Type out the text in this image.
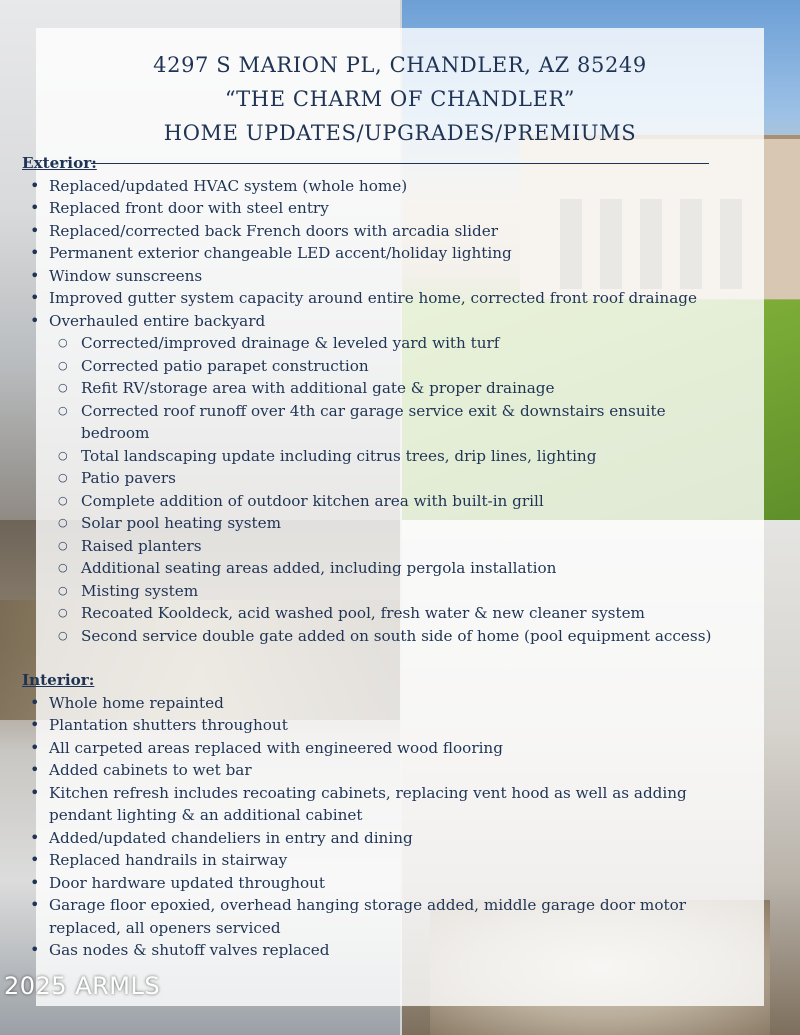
4297 S MARION PL, CHANDLER, AZ 85249
“THE CHARM OF CHANDLER”
HOME UPDATES/UPGRADES/PREMIUMS

Exterior:

• Replaced/updated HVAC system (whole home)
• Replaced front door with steel entry
• Replaced/corrected back French doors with arcadia slider
• Permanent exterior changeable LED accent/holiday lighting
• Window sunscreens
• Improved gutter system capacity around entire home, corrected front roof drainage
• Overhauled entire backyard
○ Corrected/improved drainage & leveled yard with turf
○ Corrected patio parapet construction
○ Refit RV/storage area with additional gate & proper drainage
○ Corrected roof runoff over 4th car garage service exit & downstairs ensuite bedroom
○ Total landscaping update including citrus trees, drip lines, lighting
○ Patio pavers
○ Complete addition of outdoor kitchen area with built-in grill
○ Solar pool heating system
○ Raised planters
○ Additional seating areas added, including pergola installation
○ Misting system
○ Recoated Kooldeck, acid washed pool, fresh water & new cleaner system
○ Second service double gate added on south side of home (pool equipment access)

Interior:

• Whole home repainted
• Plantation shutters throughout
• All carpeted areas replaced with engineered wood flooring
• Added cabinets to wet bar
• Kitchen refresh includes recoating cabinets, replacing vent hood as well as adding pendant lighting & an additional cabinet
• Added/updated chandeliers in entry and dining
• Replaced handrails in stairway
• Door hardware updated throughout
• Garage floor epoxied, overhead hanging storage added, middle garage door motor replaced, all openers serviced
• Gas nodes & shutoff valves replaced
2025 ARMLS
